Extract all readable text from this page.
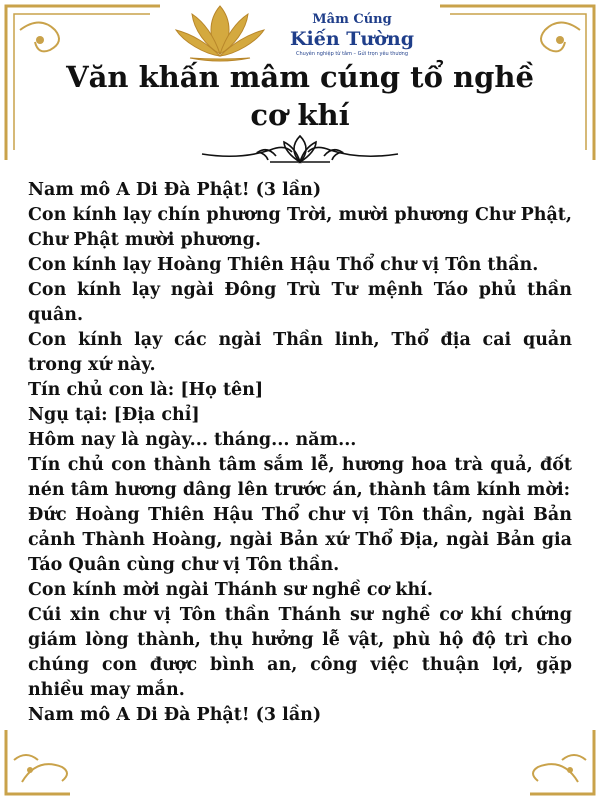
Mâm Cúng
Kiến Tường
Chuyên nghiệp từ tâm – Gửi trọn yêu thương
Văn khấn mâm cúng tổ nghề cơ khí

Nam mô A Di Đà Phật! (3 lần)

Con kính lạy chín phương Trời, mười phương Chư Phật, Chư Phật mười phương.

Con kính lạy Hoàng Thiên Hậu Thổ chư vị Tôn thần.

Con kính lạy ngài Đông Trù Tư mệnh Táo phủ thần quân.

Con kính lạy các ngài Thần linh, Thổ địa cai quản trong xứ này.

Tín chủ con là: [Họ tên]

Ngụ tại: [Địa chỉ]

Hôm nay là ngày... tháng... năm...

Tín chủ con thành tâm sắm lễ, hương hoa trà quả, đốt nén tâm hương dâng lên trước án, thành tâm kính mời:

Đức Hoàng Thiên Hậu Thổ chư vị Tôn thần, ngài Bản cảnh Thành Hoàng, ngài Bản xứ Thổ Địa, ngài Bản gia Táo Quân cùng chư vị Tôn thần.

Con kính mời ngài Thánh sư nghề cơ khí.

Cúi xin chư vị Tôn thần Thánh sư nghề cơ khí chứng giám lòng thành, thụ hưởng lễ vật, phù hộ độ trì cho chúng con được bình an, công việc thuận lợi, gặp nhiều may mắn.

Nam mô A Di Đà Phật! (3 lần)
